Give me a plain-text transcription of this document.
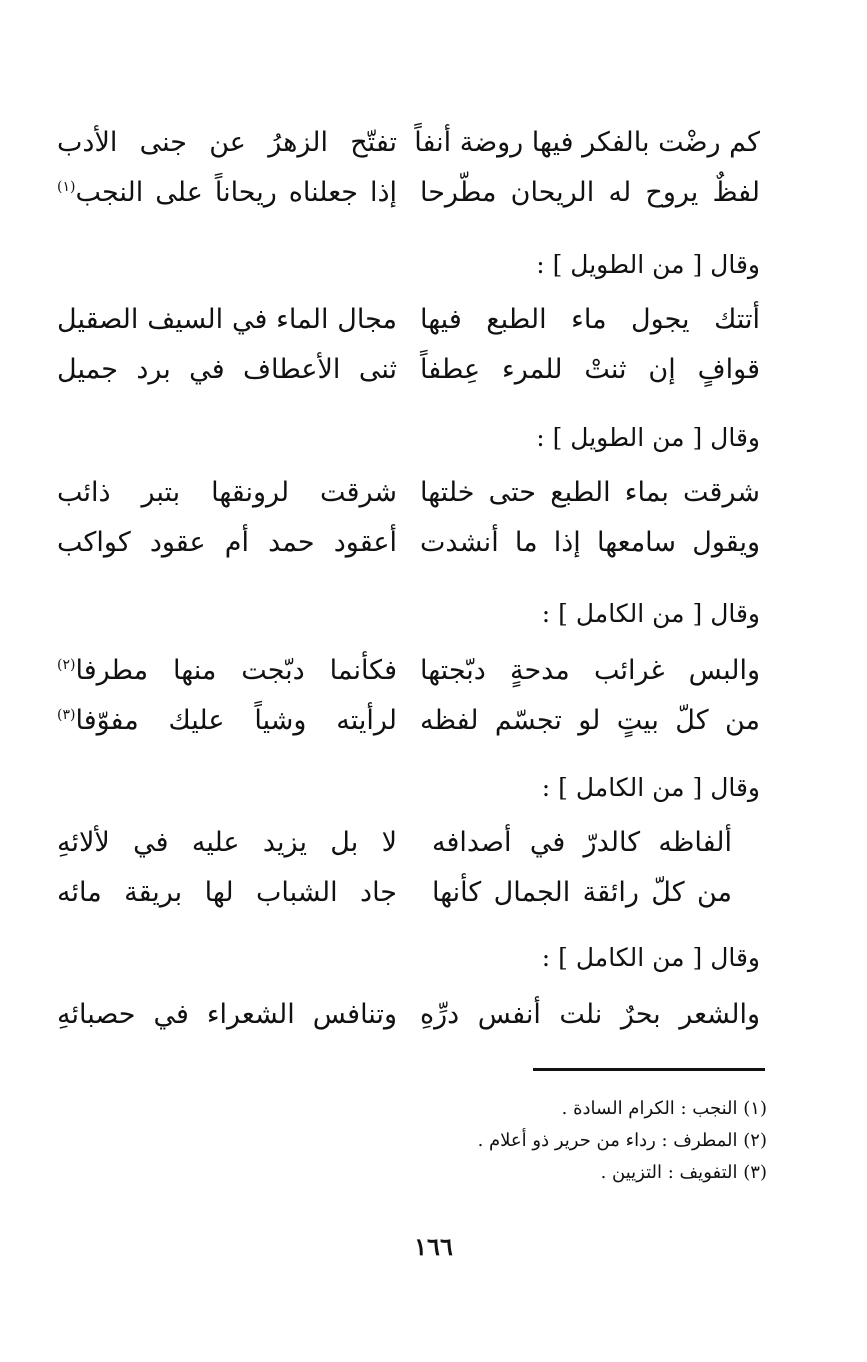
كم رضْت بالفكر فيها روضة أنفاً
تفتّح الزهرُ عن جنى الأدب
لفظٌ يروح له الريحان مطّرحا
إذا جعلناه ريحاناً على النجب$^{(١)}$
وقال [ من الطويل ] :
أتتك يجول ماء الطبع فيها
مجال الماء في السيف الصقيل
قوافٍ إن ثنتْ للمرء عِطفاً
ثنى الأعطاف في برد جميل
وقال [ من الطويل ] :
شرقت بماء الطبع حتى خلتها
شرقت لرونقها بتبر ذائب
ويقول سامعها إذا ما أنشدت
أعقود حمد أم عقود كواكب
وقال [ من الكامل ] :
والبس غرائب مدحةٍ دبّجتها
فكأنما دبّجت منها مطرفا$^{(٢)}$
من كلّ بيتٍ لو تجسّم لفظه
لرأيته وشياً عليك مفوّفا$^{(٣)}$
وقال [ من الكامل ] :
ألفاظه كالدرّ في أصدافه
لا بل يزيد عليه في لألائهِ
من كلّ رائقة الجمال كأنها
جاد الشباب لها بريقة مائه
وقال [ من الكامل ] :
والشعر بحرٌ نلت أنفس درِّهِ
وتنافس الشعراء في حصبائهِ
(١) النجب : الكرام السادة .
(٢) المطرف : رداء من حرير ذو أعلام .
(٣) التفويف : التزيين .
١٦٦
